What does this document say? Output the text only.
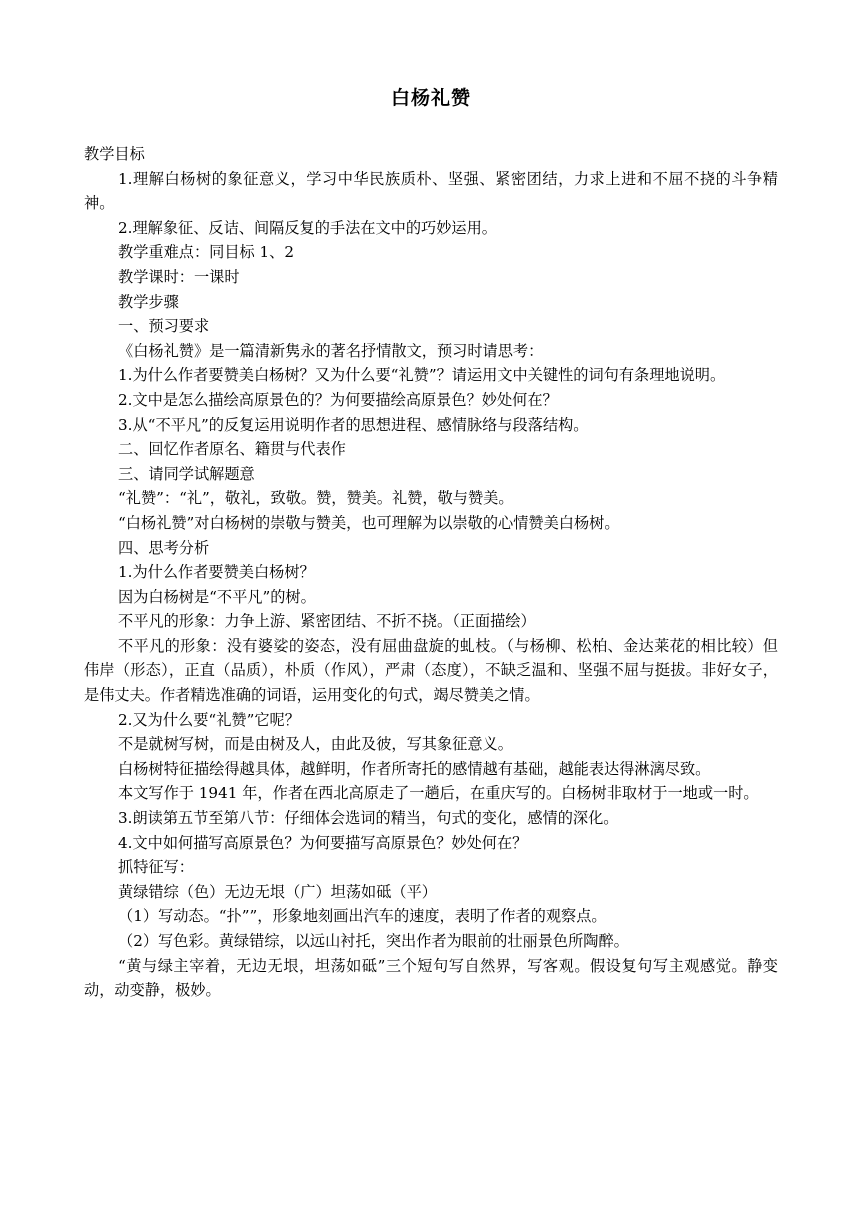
白杨礼赞

教学目标

1.理解白杨树的象征意义，学习中华民族质朴、坚强、紧密团结，力求上进和不屈不挠的斗争精神。

2.理解象征、反诘、间隔反复的手法在文中的巧妙运用。

教学重难点：同目标 1、2

教学课时：一课时

教学步骤

一、预习要求

《白杨礼赞》是一篇清新隽永的著名抒情散文，预习时请思考：

1.为什么作者要赞美白杨树？又为什么要“礼赞”？请运用文中关键性的词句有条理地说明。

2.文中是怎么描绘高原景色的？为何要描绘高原景色？妙处何在？

3.从“不平凡”的反复运用说明作者的思想进程、感情脉络与段落结构。

二、回忆作者原名、籍贯与代表作

三、请同学试解题意

“礼赞”：“礼”，敬礼，致敬。赞，赞美。礼赞，敬与赞美。

“白杨礼赞”对白杨树的崇敬与赞美，也可理解为以崇敬的心情赞美白杨树。

四、思考分析

1.为什么作者要赞美白杨树？

因为白杨树是“不平凡”的树。

不平凡的形象：力争上游、紧密团结、不折不挠。（正面描绘）

不平凡的形象：没有婆娑的姿态，没有屈曲盘旋的虬枝。（与杨柳、松柏、金达莱花的相比较）但伟岸（形态），正直（品质），朴质（作风），严肃（态度），不缺乏温和、坚强不屈与挺拔。非好女子，是伟丈夫。作者精选准确的词语，运用变化的句式，竭尽赞美之情。

2.又为什么要“礼赞”它呢？

不是就树写树，而是由树及人，由此及彼，写其象征意义。

白杨树特征描绘得越具体，越鲜明，作者所寄托的感情越有基础，越能表达得淋漓尽致。

本文写作于 1941 年，作者在西北高原走了一趟后，在重庆写的。白杨树非取材于一地或一时。

3.朗读第五节至第八节：仔细体会选词的精当，句式的变化，感情的深化。

4.文中如何描写高原景色？为何要描写高原景色？妙处何在？

抓特征写：

黄绿错综（色）无边无垠（广）坦荡如砥（平）

（1）写动态。“扑””，形象地刻画出汽车的速度，表明了作者的观察点。

（2）写色彩。黄绿错综，以远山衬托，突出作者为眼前的壮丽景色所陶醉。

“黄与绿主宰着，无边无垠，坦荡如砥”三个短句写自然界，写客观。假设复句写主观感觉。静变动，动变静，极妙。
